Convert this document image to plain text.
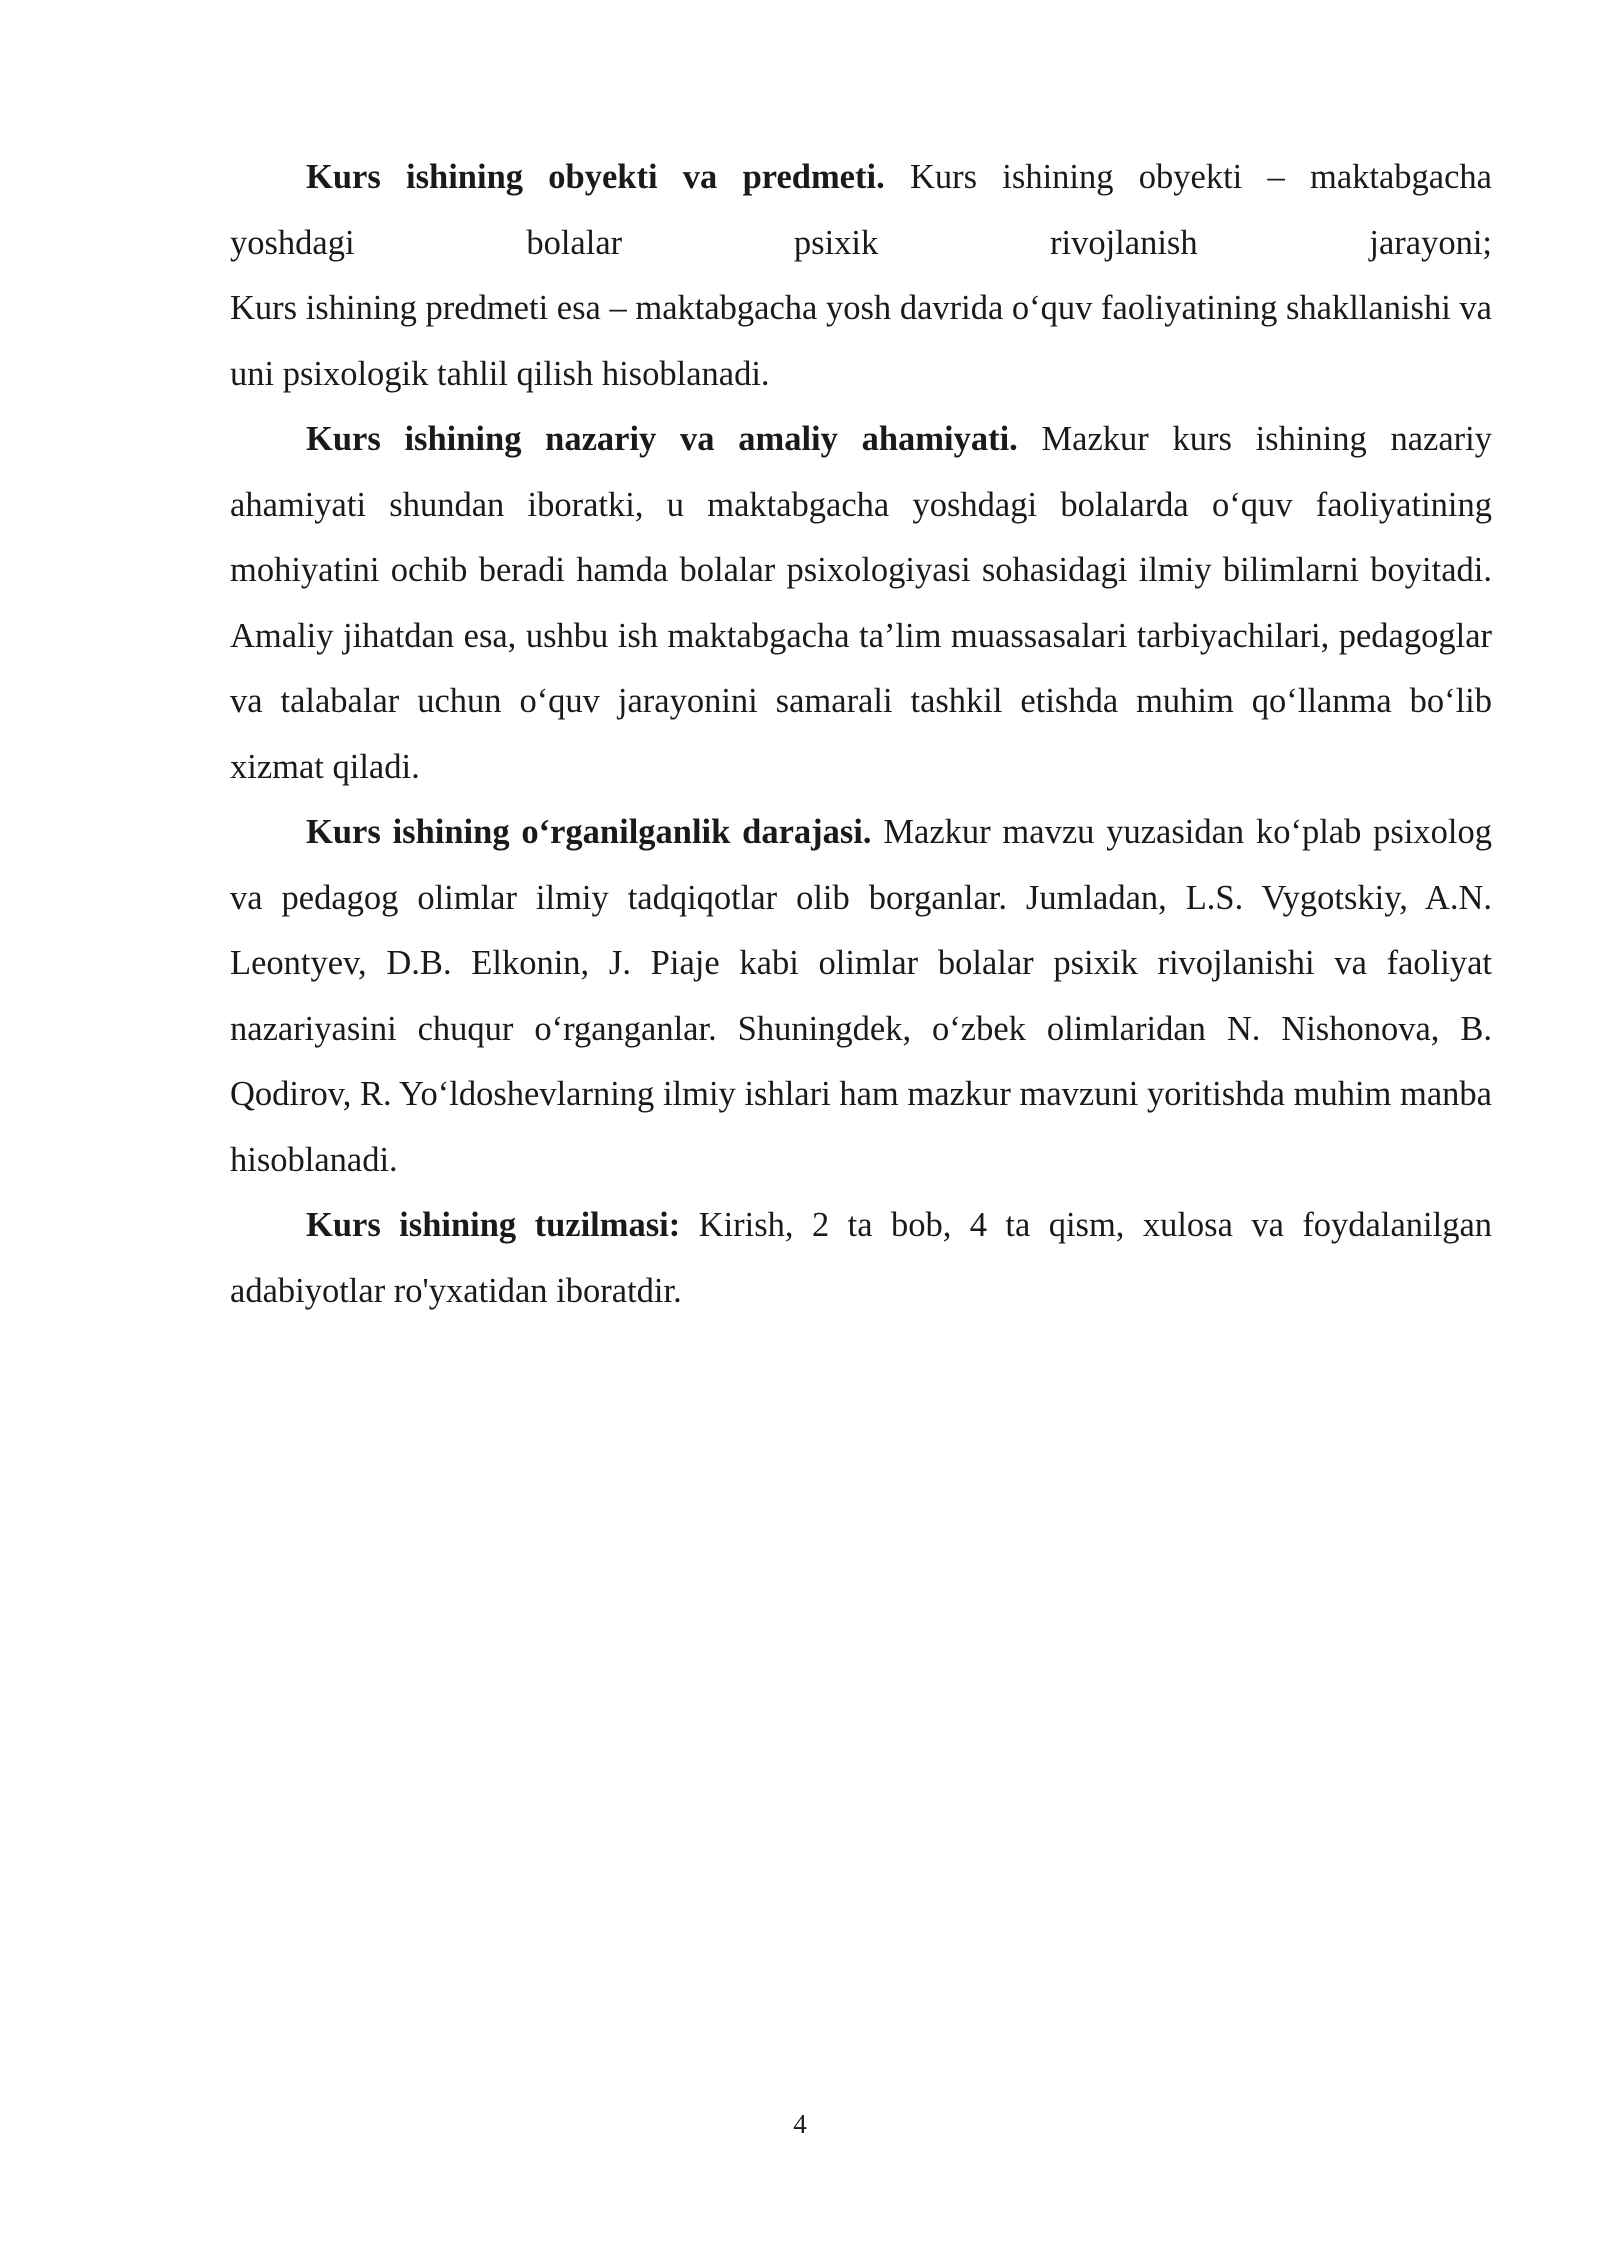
Kurs ishining obyekti va predmeti. Kurs ishining obyekti – maktabgacha
yoshdagi bolalar psixik rivojlanish jarayoni;
Kurs ishining predmeti esa – maktabgacha yosh davrida o‘quv faoliyatining shakllanishi va uni psixologik tahlil qilish hisoblanadi.

Kurs ishining nazariy va amaliy ahamiyati. Mazkur kurs ishining nazariy ahamiyati shundan iboratki, u maktabgacha yoshdagi bolalarda o‘quv faoliyatining mohiyatini ochib beradi hamda bolalar psixologiyasi sohasidagi ilmiy bilimlarni boyitadi. Amaliy jihatdan esa, ushbu ish maktabgacha ta’lim muassasalari tarbiyachilari, pedagoglar va talabalar uchun o‘quv jarayonini samarali tashkil etishda muhim qo‘llanma bo‘lib xizmat qiladi.

Kurs ishining o‘rganilganlik darajasi. Mazkur mavzu yuzasidan ko‘plab psixolog va pedagog olimlar ilmiy tadqiqotlar olib borganlar. Jumladan, L.S. Vygotskiy, A.N. Leontyev, D.B. Elkonin, J. Piaje kabi olimlar bolalar psixik rivojlanishi va faoliyat nazariyasini chuqur o‘rganganlar. Shuningdek, o‘zbek olimlaridan N. Nishonova, B. Qodirov, R. Yo‘ldoshevlarning ilmiy ishlari ham mazkur mavzuni yoritishda muhim manba hisoblanadi.

Kurs ishining tuzilmasi: Kirish, 2 ta bob, 4 ta qism, xulosa va foydalanilgan adabiyotlar ro'yxatidan iboratdir.

4
